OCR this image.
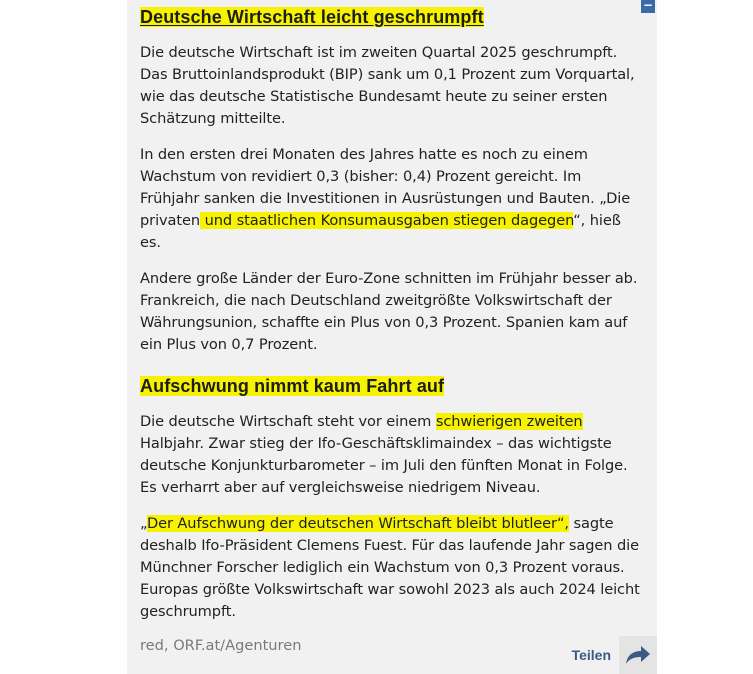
−
Deutsche Wirtschaft leicht geschrumpft

Die deutsche Wirtschaft ist im zweiten Quartal 2025 geschrumpft. Das Bruttoinlandsprodukt (BIP) sank um 0,1 Prozent zum Vorquartal, wie das deutsche Statistische Bundesamt heute zu seiner ersten Schätzung mitteilte.

In den ersten drei Monaten des Jahres hatte es noch zu einem Wachstum von revidiert 0,3 (bisher: 0,4) Prozent gereicht. Im Frühjahr sanken die Investitionen in Ausrüstungen und Bauten. „Die privaten und staatlichen Konsumausgaben stiegen dagegen“, hieß es.

Andere große Länder der Euro-Zone schnitten im Frühjahr besser ab. Frankreich, die nach Deutschland zweitgrößte Volkswirtschaft der Währungsunion, schaffte ein Plus von 0,3 Prozent. Spanien kam auf ein Plus von 0,7 Prozent.

Aufschwung nimmt kaum Fahrt auf

Die deutsche Wirtschaft steht vor einem schwierigen zweiten Halbjahr. Zwar stieg der Ifo-Geschäftsklimaindex – das wichtigste deutsche Konjunkturbarometer – im Juli den fünften Monat in Folge. Es verharrt aber auf vergleichsweise niedrigem Niveau.

„Der Aufschwung der deutschen Wirtschaft bleibt blutleer“, sagte deshalb Ifo-Präsident Clemens Fuest. Für das laufende Jahr sagen die Münchner Forscher lediglich ein Wachstum von 0,3 Prozent voraus. Europas größte Volkswirtschaft war sowohl 2023 als auch 2024 leicht geschrumpft.

red, ORF.at/Agenturen
Teilen
